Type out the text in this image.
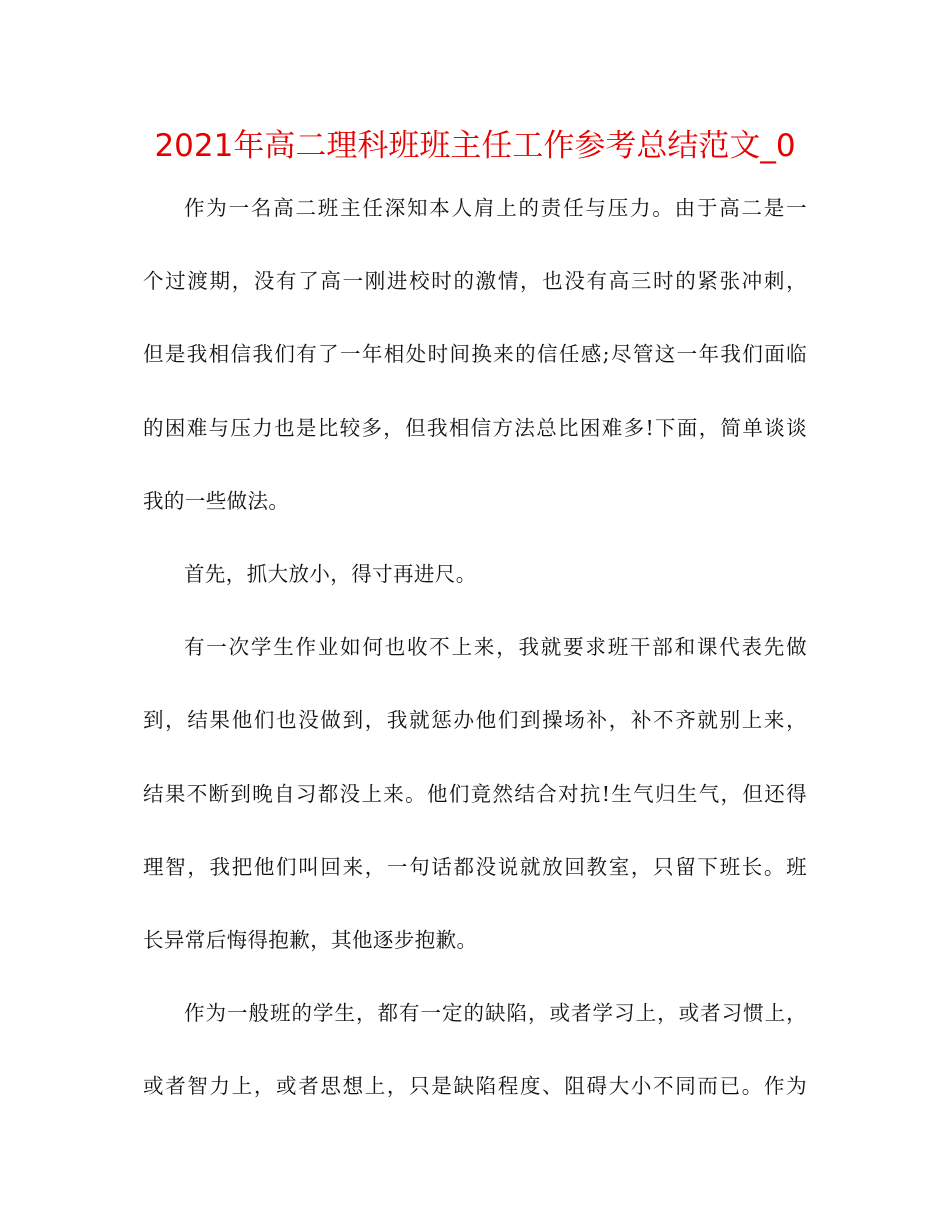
2021年高二理科班班主任工作参考总结范文_0

作为一名高二班主任深知本人肩上的责任与压力。由于高二是一
个过渡期，没有了高一刚进校时的激情，也没有高三时的紧张冲刺，
但是我相信我们有了一年相处时间换来的信任感;尽管这一年我们面临
的困难与压力也是比较多，但我相信方法总比困难多!下面，简单谈谈
我的一些做法。

首先，抓大放小，得寸再进尺。

有一次学生作业如何也收不上来，我就要求班干部和课代表先做
到，结果他们也没做到，我就惩办他们到操场补，补不齐就别上来，
结果不断到晚自习都没上来。他们竟然结合对抗!生气归生气，但还得
理智，我把他们叫回来，一句话都没说就放回教室，只留下班长。班
长异常后悔得抱歉，其他逐步抱歉。

作为一般班的学生，都有一定的缺陷，或者学习上，或者习惯上，
或者智力上，或者思想上，只是缺陷程度、阻碍大小不同而已。作为
